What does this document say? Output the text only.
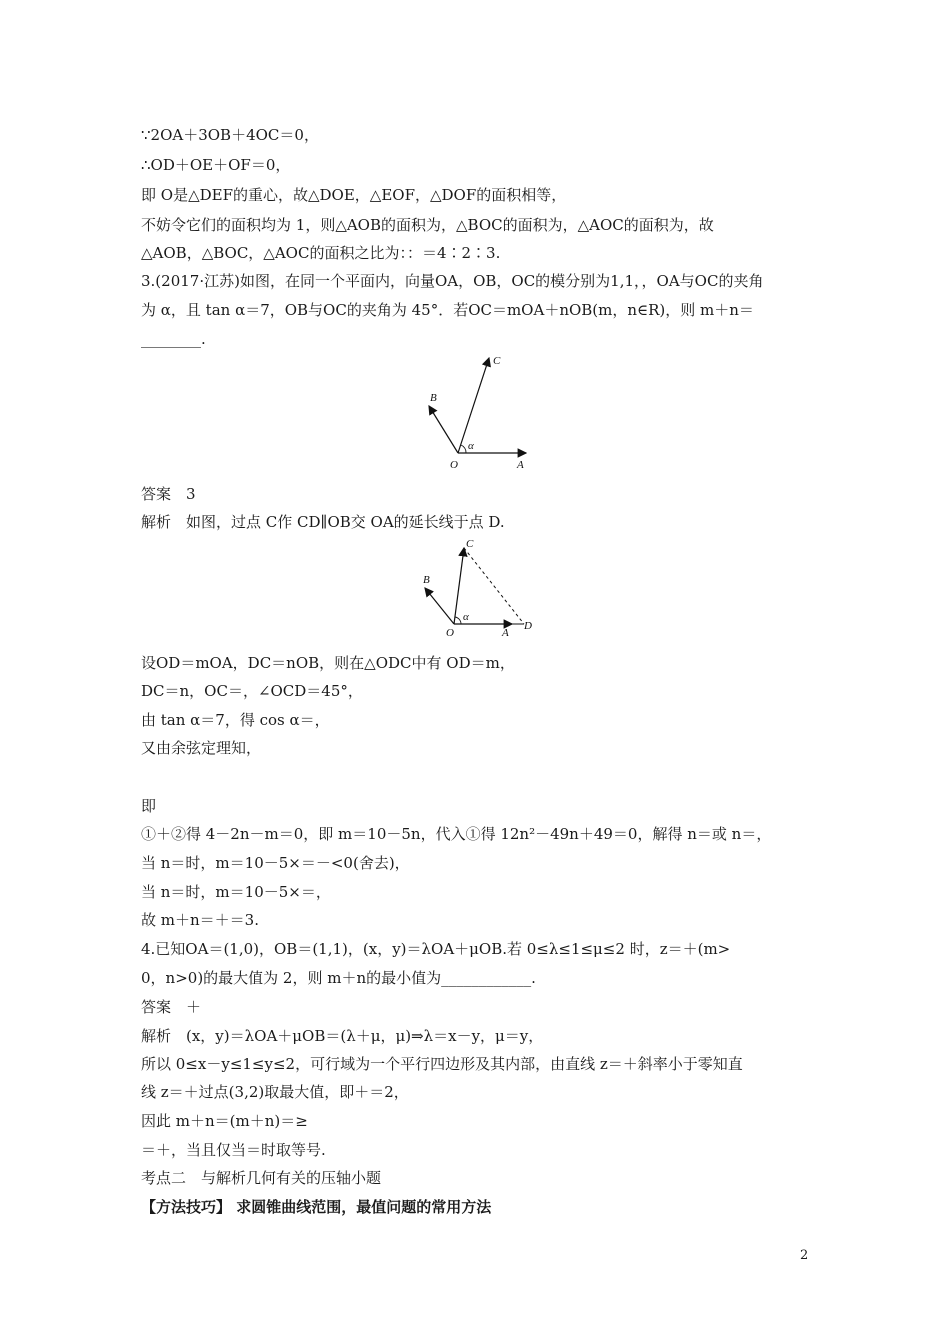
∵2OA＋3OB＋4OC＝0，
∴OD＋OE＋OF＝0，
即 O是△DEF的重心，故△DOE，△EOF，△DOF的面积相等，
不妨令它们的面积均为 1，则△AOB的面积为，△BOC的面积为，△AOC的面积为，故
△AOB，△BOC，△AOC的面积之比为：：＝4∶2∶3.
3.(2017·江苏)如图，在同一个平面内，向量OA，OB，OC的模分别为1,1，，OA与OC的夹角
为 α，且 tan α＝7，OB与OC的夹角为 45°．若OC＝mOA＋nOB(m，n∈R)，则 m＋n＝
________.
C
B
O	A
α
答案　3
解析　如图，过点 C作 CD∥OB交 OA的延长线于点 D.
C
B
O	A
D
α
设OD＝mOA，DC＝nOB，则在△ODC中有 OD＝m，
DC＝n，OC＝，∠OCD＝45°，
由 tan α＝7，得 cos α＝，
又由余弦定理知，
即
①＋②得 4－2n－m＝0，即 m＝10－5n，代入①得 12n²－49n＋49＝0，解得 n＝或 n＝，
当 n＝时，m＝10－5×＝－<0(舍去)，
当 n＝时，m＝10－5×＝，
故 m＋n＝＋＝3.
4.已知OA＝(1,0)，OB＝(1,1)，(x，y)＝λOA＋μOB.若 0≤λ≤1≤μ≤2 时，z＝＋(m>
0，n>0)的最大值为 2，则 m＋n的最小值为____________.
答案　＋
解析　(x，y)＝λOA＋μOB＝(λ＋μ，μ)⇒λ＝x－y，μ＝y，
所以 0≤x－y≤1≤y≤2，可行域为一个平行四边形及其内部，由直线 z＝＋斜率小于零知直
线 z＝＋过点(3,2)取最大值，即＋＝2，
因此 m＋n＝(m＋n)＝≥
＝＋，当且仅当＝时取等号.
考点二　与解析几何有关的压轴小题
【方法技巧】 求圆锥曲线范围，最值问题的常用方法
2
